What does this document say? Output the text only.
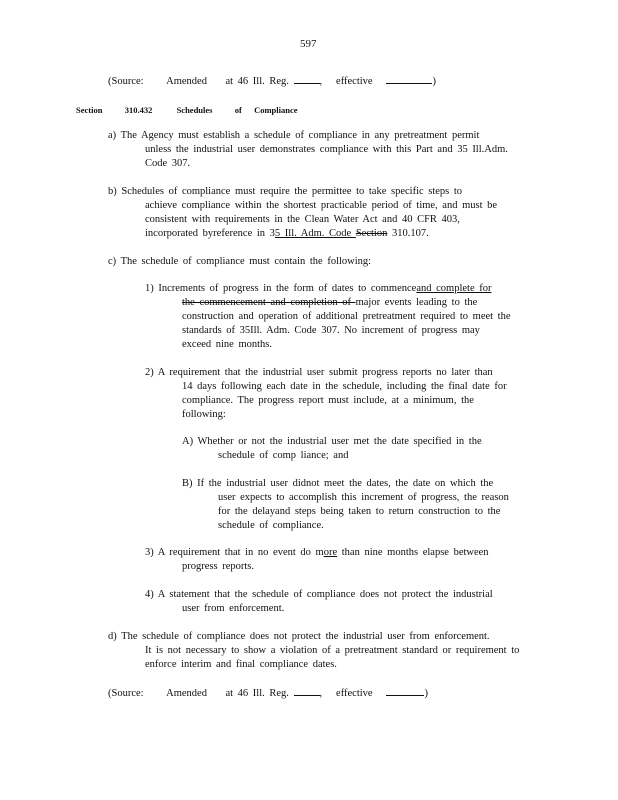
597
(Source: Amended at 46 Ill. Reg.	, effective	)
Section	310.432	Schedules	of Compliance
a) The Agency must establish a schedule of compliance in any pretreatment permit
unless the industrial user demonstrates compliance with this Part and 35 Ill.Adm.
Code 307.
b) Schedules of compliance must require the permittee to take specific steps to
achieve compliance within the shortest practicable period of time, and must be
consistent with requirements in the Clean Water Act and 40 CFR 403,
incorporated byreference in 35 Ill. Adm. Code Section 310.107.
c) The schedule of compliance must contain the following:
1) Increments of progress in the form of dates to commenceand complete for
the commencement and completion of major events leading to the
construction and operation of additional pretreatment required to meet the
standards of 35Ill. Adm. Code 307. No increment of progress may
exceed nine months.
2) A requirement that the industrial user submit progress reports no later than
14 days following each date in the schedule, including the final date for
compliance. The progress report must include, at a minimum, the
following:
A) Whether or not the industrial user met the date specified in the
schedule of comp liance; and
B) If the industrial user didnot meet the dates, the date on which the
user expects to accomplish this increment of progress, the reason
for the delayand steps being taken to return construction to the
schedule of compliance.
3) A requirement that in no event do more than nine months elapse between
progress reports.
4) A statement that the schedule of compliance does not protect the industrial
user from enforcement.
d) The schedule of compliance does not protect the industrial user from enforcement.
It is not necessary to show a violation of a pretreatment standard or requirement to
enforce interim and final compliance dates.
(Source: Amended at 46 Ill. Reg.	, effective	)
